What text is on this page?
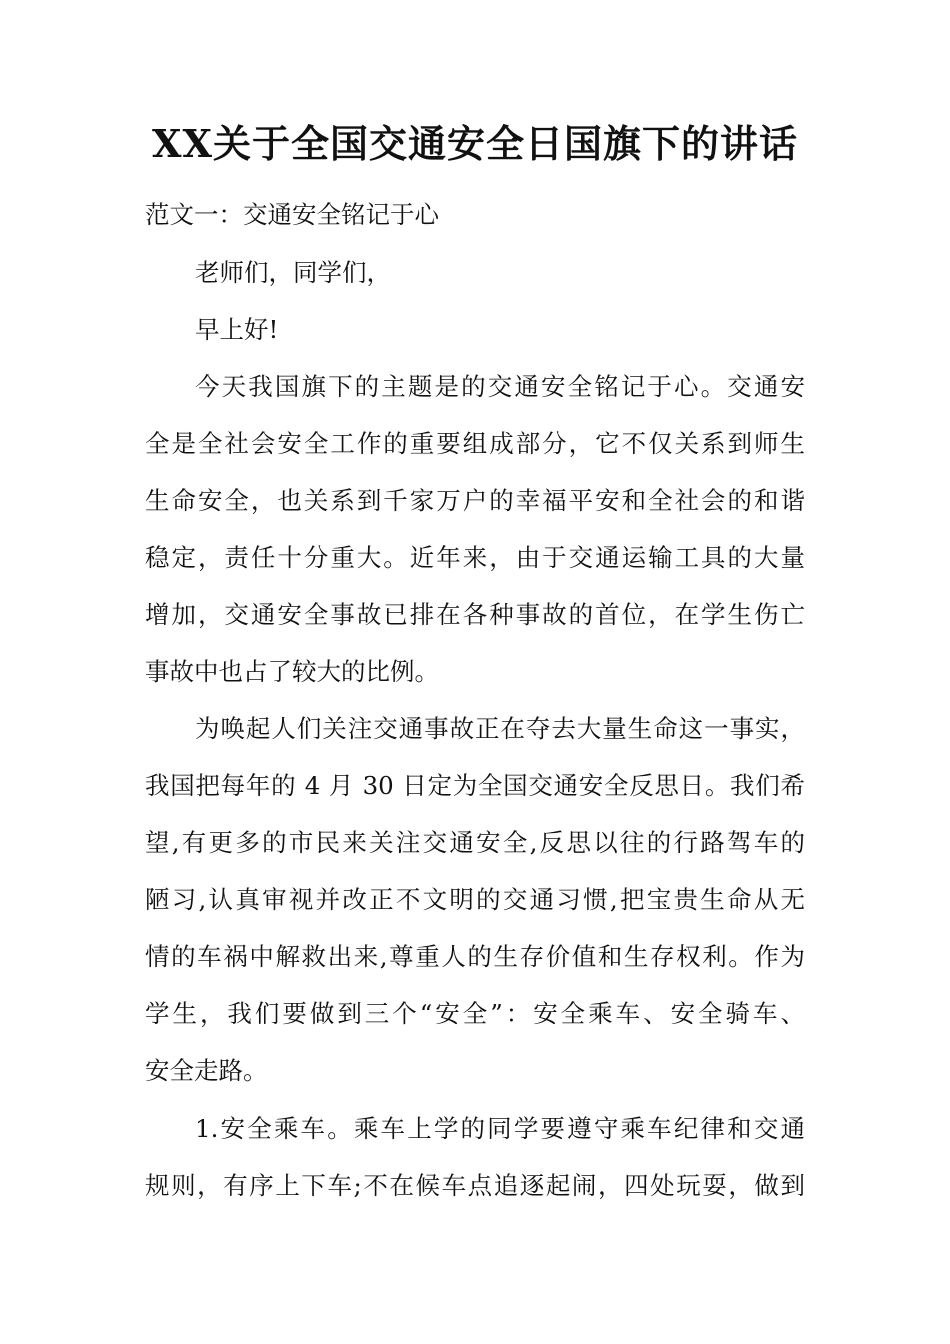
XX关于全国交通安全日国旗下的讲话
范文一：交通安全铭记于心
老师们，同学们，
早上好!
今天我国旗下的主题是的交通安全铭记于心。交通安
全是全社会安全工作的重要组成部分，它不仅关系到师生
生命安全，也关系到千家万户的幸福平安和全社会的和谐
稳定，责任十分重大。近年来，由于交通运输工具的大量
增加，交通安全事故已排在各种事故的首位，在学生伤亡
事故中也占了较大的比例。
为唤起人们关注交通事故正在夺去大量生命这一事实，
我国把每年的 4 月 30 日定为全国交通安全反思日。我们希
望,有更多的市民来关注交通安全,反思以往的行路驾车的
陋习,认真审视并改正不文明的交通习惯,把宝贵生命从无
情的车祸中解救出来,尊重人的生存价值和生存权利。作为
学生，我们要做到三个“安全”：安全乘车、安全骑车、
安全走路。
1.安全乘车。乘车上学的同学要遵守乘车纪律和交通
规则，有序上下车;不在候车点追逐起闹，四处玩耍，做到
